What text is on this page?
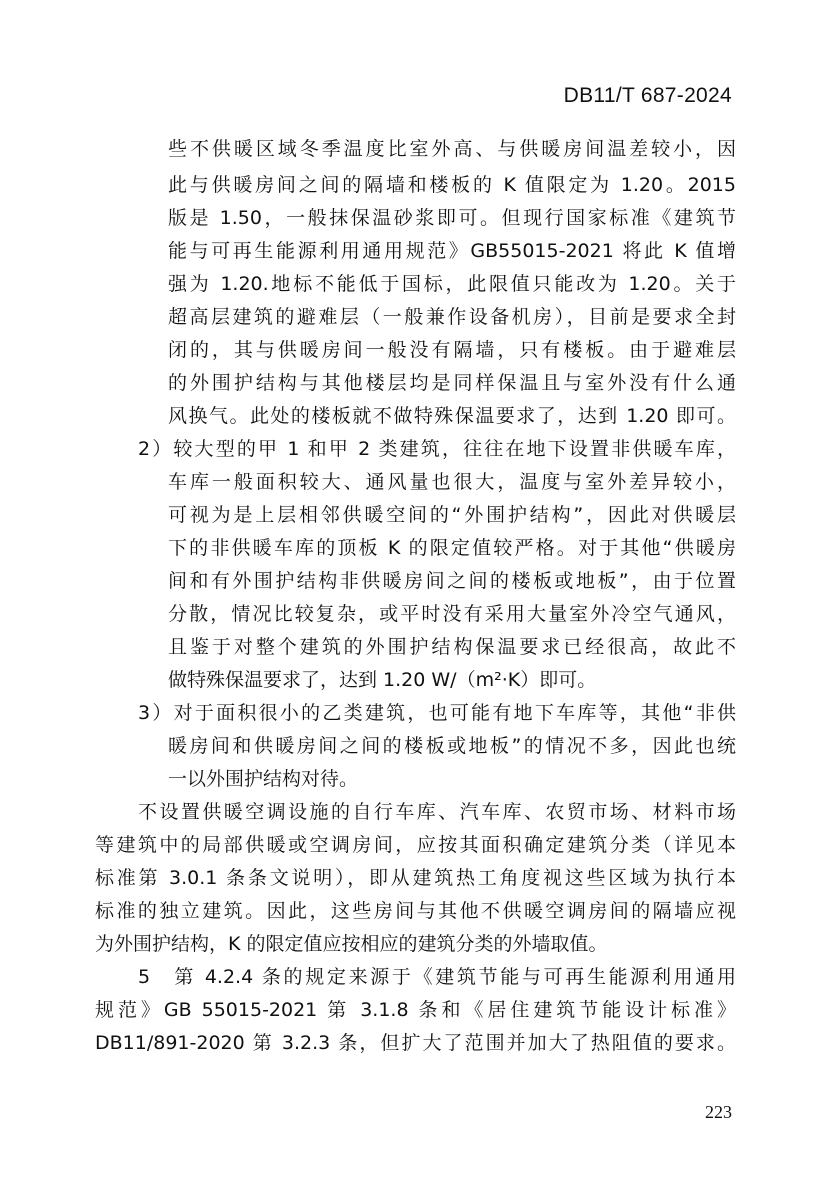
DB11/T 687-2024
些不供暖区域冬季温度比室外高、与供暖房间温差较小，因
此与供暖房间之间的隔墙和楼板的 K 值限定为 1.20。2015
版是 1.50，一般抹保温砂浆即可。但现行国家标准《建筑节
能与可再生能源利用通用规范》GB55015-2021 将此 K 值增
强为 1.20.地标不能低于国标，此限值只能改为 1.20。关于
超高层建筑的避难层（一般兼作设备机房），目前是要求全封
闭的，其与供暖房间一般没有隔墙，只有楼板。由于避难层
的外围护结构与其他楼层均是同样保温且与室外没有什么通
风换气。此处的楼板就不做特殊保温要求了，达到 1.20 即可。
2）较大型的甲 1 和甲 2 类建筑，往往在地下设置非供暖车库，
车库一般面积较大、通风量也很大，温度与室外差异较小，
可视为是上层相邻供暖空间的“外围护结构”，因此对供暖层
下的非供暖车库的顶板 K 的限定值较严格。对于其他“供暖房
间和有外围护结构非供暖房间之间的楼板或地板”，由于位置
分散，情况比较复杂，或平时没有采用大量室外冷空气通风，
且鉴于对整个建筑的外围护结构保温要求已经很高，故此不
做特殊保温要求了，达到 1.20 W/（m²·K）即可。
3）对于面积很小的乙类建筑，也可能有地下车库等，其他“非供
暖房间和供暖房间之间的楼板或地板”的情况不多，因此也统
一以外围护结构对待。
不设置供暖空调设施的自行车库、汽车库、农贸市场、材料市场
等建筑中的局部供暖或空调房间，应按其面积确定建筑分类（详见本
标准第 3.0.1 条条文说明），即从建筑热工角度视这些区域为执行本
标准的独立建筑。因此，这些房间与其他不供暖空调房间的隔墙应视
为外围护结构，K 的限定值应按相应的建筑分类的外墙取值。
5　第 4.2.4 条的规定来源于《建筑节能与可再生能源利用通用
规范》GB 55015-2021 第 3.1.8 条和《居住建筑节能设计标准》
DB11/891-2020 第 3.2.3 条，但扩大了范围并加大了热阻值的要求。
223
